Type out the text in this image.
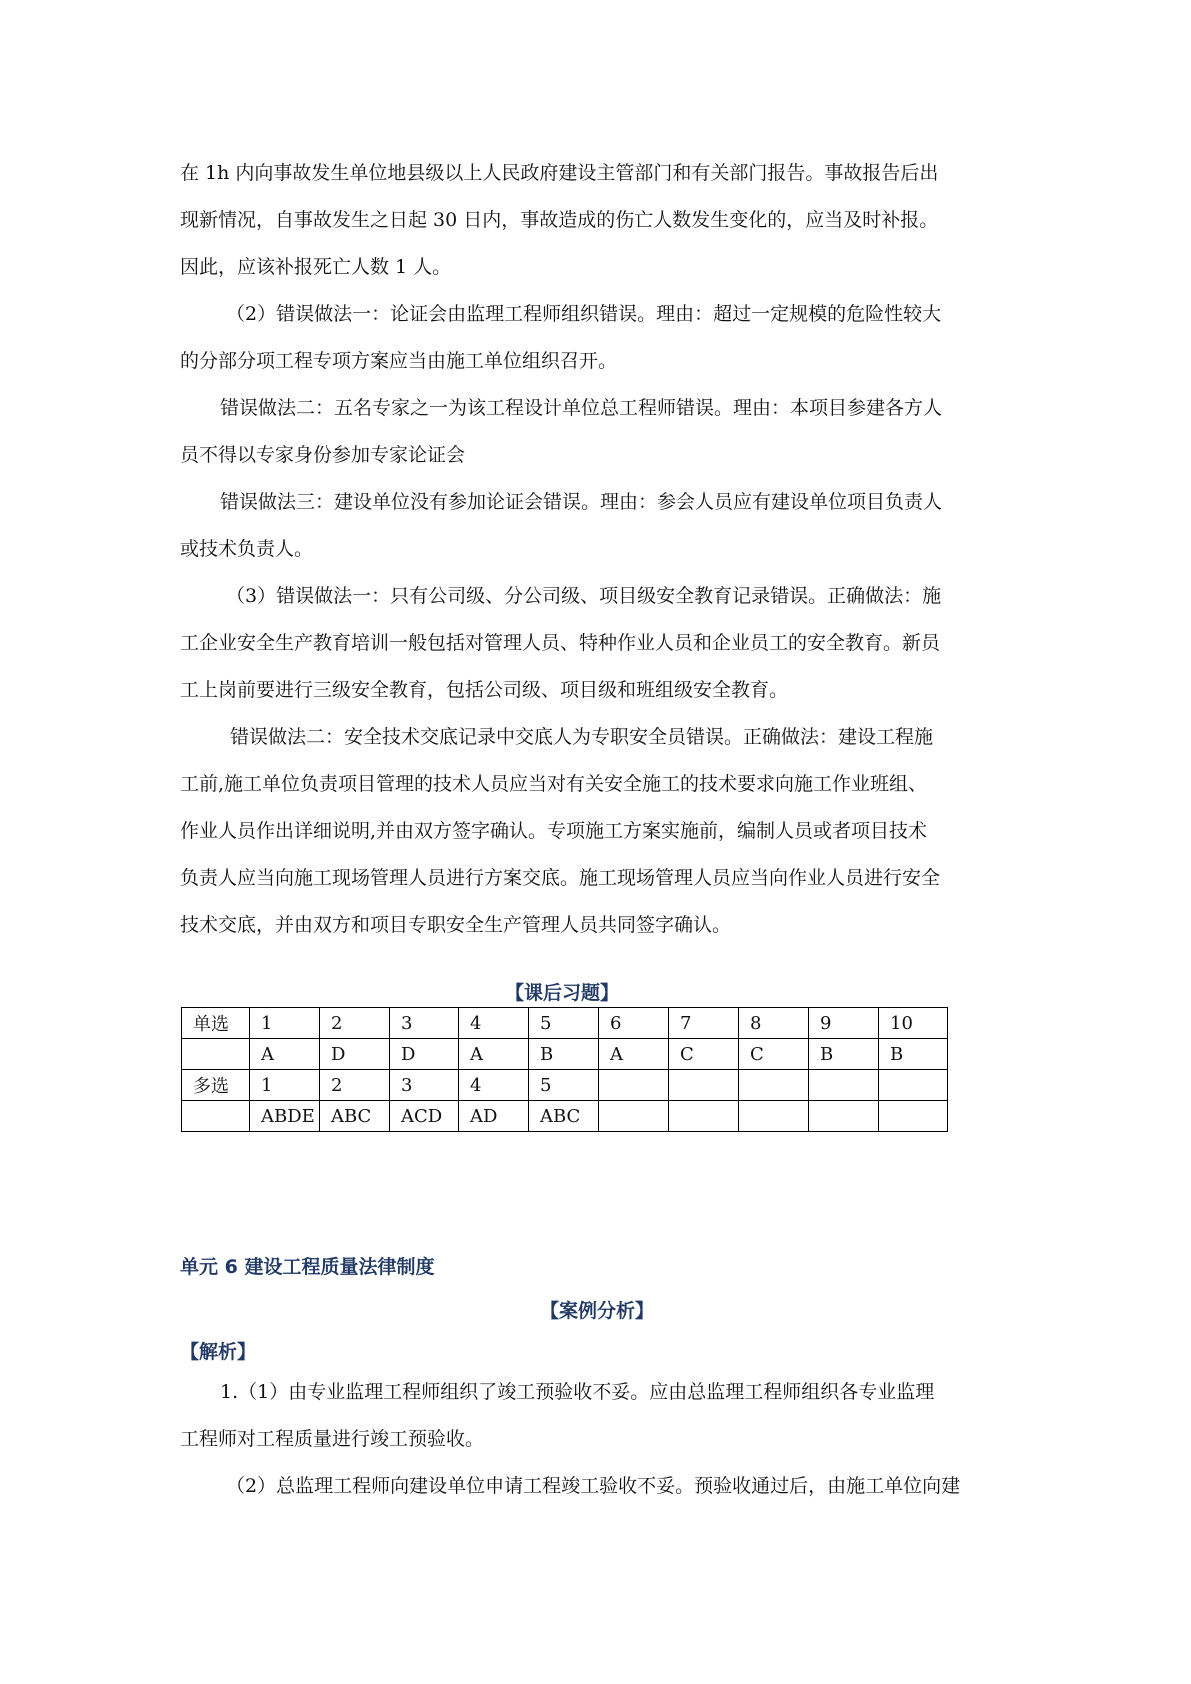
在 1h 内向事故发生单位地县级以上人民政府建设主管部门和有关部门报告。事故报告后出

现新情况，自事故发生之日起 30 日内，事故造成的伤亡人数发生变化的，应当及时补报。

因此，应该补报死亡人数 1 人。

（2）错误做法一：论证会由监理工程师组织错误。理由：超过一定规模的危险性较大

的分部分项工程专项方案应当由施工单位组织召开。

错误做法二：五名专家之一为该工程设计单位总工程师错误。理由：本项目参建各方人

员不得以专家身份参加专家论证会

错误做法三：建设单位没有参加论证会错误。理由：参会人员应有建设单位项目负责人

或技术负责人。

（3）错误做法一：只有公司级、分公司级、项目级安全教育记录错误。正确做法：施

工企业安全生产教育培训一般包括对管理人员、特种作业人员和企业员工的安全教育。新员

工上岗前要进行三级安全教育，包括公司级、项目级和班组级安全教育。

错误做法二：安全技术交底记录中交底人为专职安全员错误。正确做法：建设工程施

工前,施工单位负责项目管理的技术人员应当对有关安全施工的技术要求向施工作业班组、

作业人员作出详细说明,并由双方签字确认。专项施工方案实施前，编制人员或者项目技术

负责人应当向施工现场管理人员进行方案交底。施工现场管理人员应当向作业人员进行安全

技术交底，并由双方和项目专职安全生产管理人员共同签字确认。

【课后习题】
单选	1	2	3	4	5	6	7	8	9	10
	A	D	D	A	B	A	C	C	B	B
多选	1	2	3	4	5					
	ABDE	ABC	ACD	AD	ABC					
单元 6 建设工程质量法律制度
【案例分析】
【解析】

1.（1）由专业监理工程师组织了竣工预验收不妥。应由总监理工程师组织各专业监理

工程师对工程质量进行竣工预验收。

（2）总监理工程师向建设单位申请工程竣工验收不妥。预验收通过后，由施工单位向建
